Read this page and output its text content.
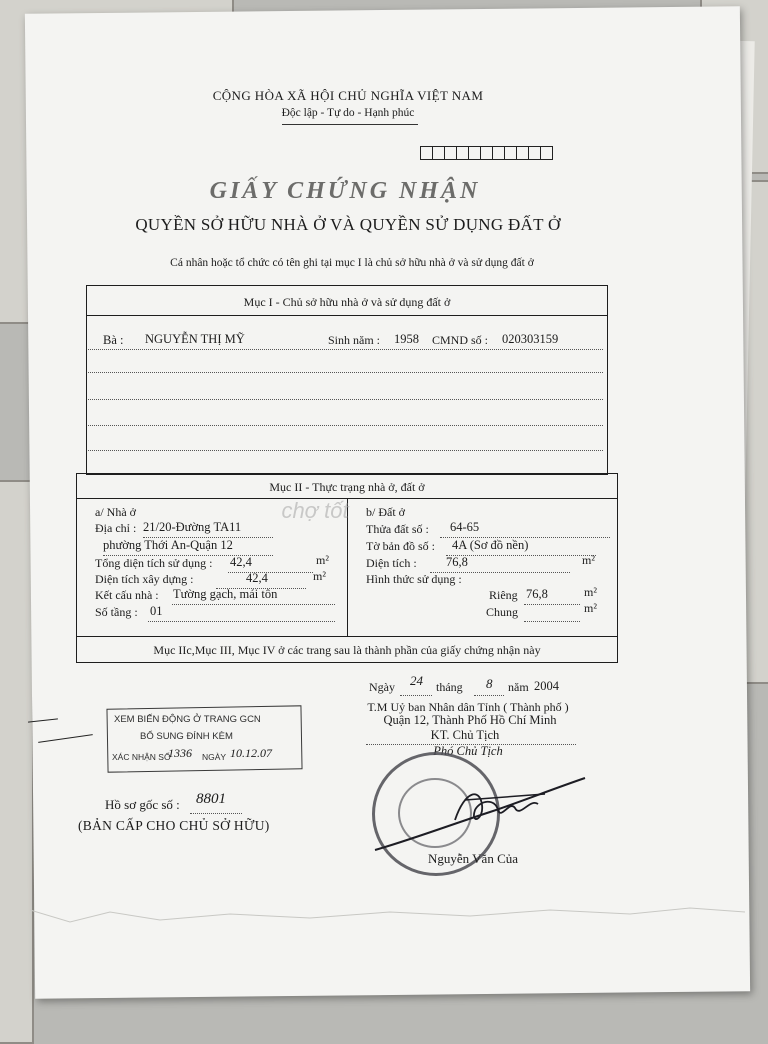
CỘNG HÒA XÃ HỘI CHỦ NGHĨA VIỆT NAM
Độc lập - Tự do - Hạnh phúc
GIẤY CHỨNG NHẬN
QUYỀN SỞ HỮU NHÀ Ở VÀ QUYỀN SỬ DỤNG ĐẤT Ở
Cá nhân hoặc tổ chức có tên ghi tại mục I là chủ sở hữu nhà ở và sử dụng đất ở
Mục I - Chủ sở hữu nhà ở và sử dụng đất ở
Bà : NGUYỄN THỊ MỸ	Sinh năm : 1958 CMND số : 020303159
Mục II - Thực trạng nhà ở, đất ở
chợ tốt
a/ Nhà ở
Địa chỉ : 21/20-Đường TA11
phường Thới An-Quận 12
Tổng diện tích sử dụng : 42,4	m²
Diện tích xây dựng :	42,4	m²
Kết cấu nhà : Tường gạch, mái tôn
Số tầng : 01
b/ Đất ở
Thửa đất số : 64-65
Tờ bản đồ số : 4A (Sơ đồ nền)
Diện tích : 76,8	m²
Hình thức sử dụng :
Riêng 76,8	m²
Chung	m²
Mục IIc,Mục III, Mục IV ở các trang sau là thành phần của giấy chứng nhận này
Ngày 24 tháng 8 năm 2004
T.M Uỷ ban Nhân dân Tỉnh ( Thành phố )
Quận 12, Thành Phố Hồ Chí Minh
KT. Chủ Tịch
Phó Chủ Tịch
Nguyễn Văn Của
XEM BIẾN ĐỘNG Ở TRANG GCN
BỔ SUNG ĐÍNH KÈM
XÁC NHẬN SỐ
1336 NGÀY 10.12.07
Hồ sơ gốc số : 8801
(BẢN CẤP CHO CHỦ SỞ HỮU)
